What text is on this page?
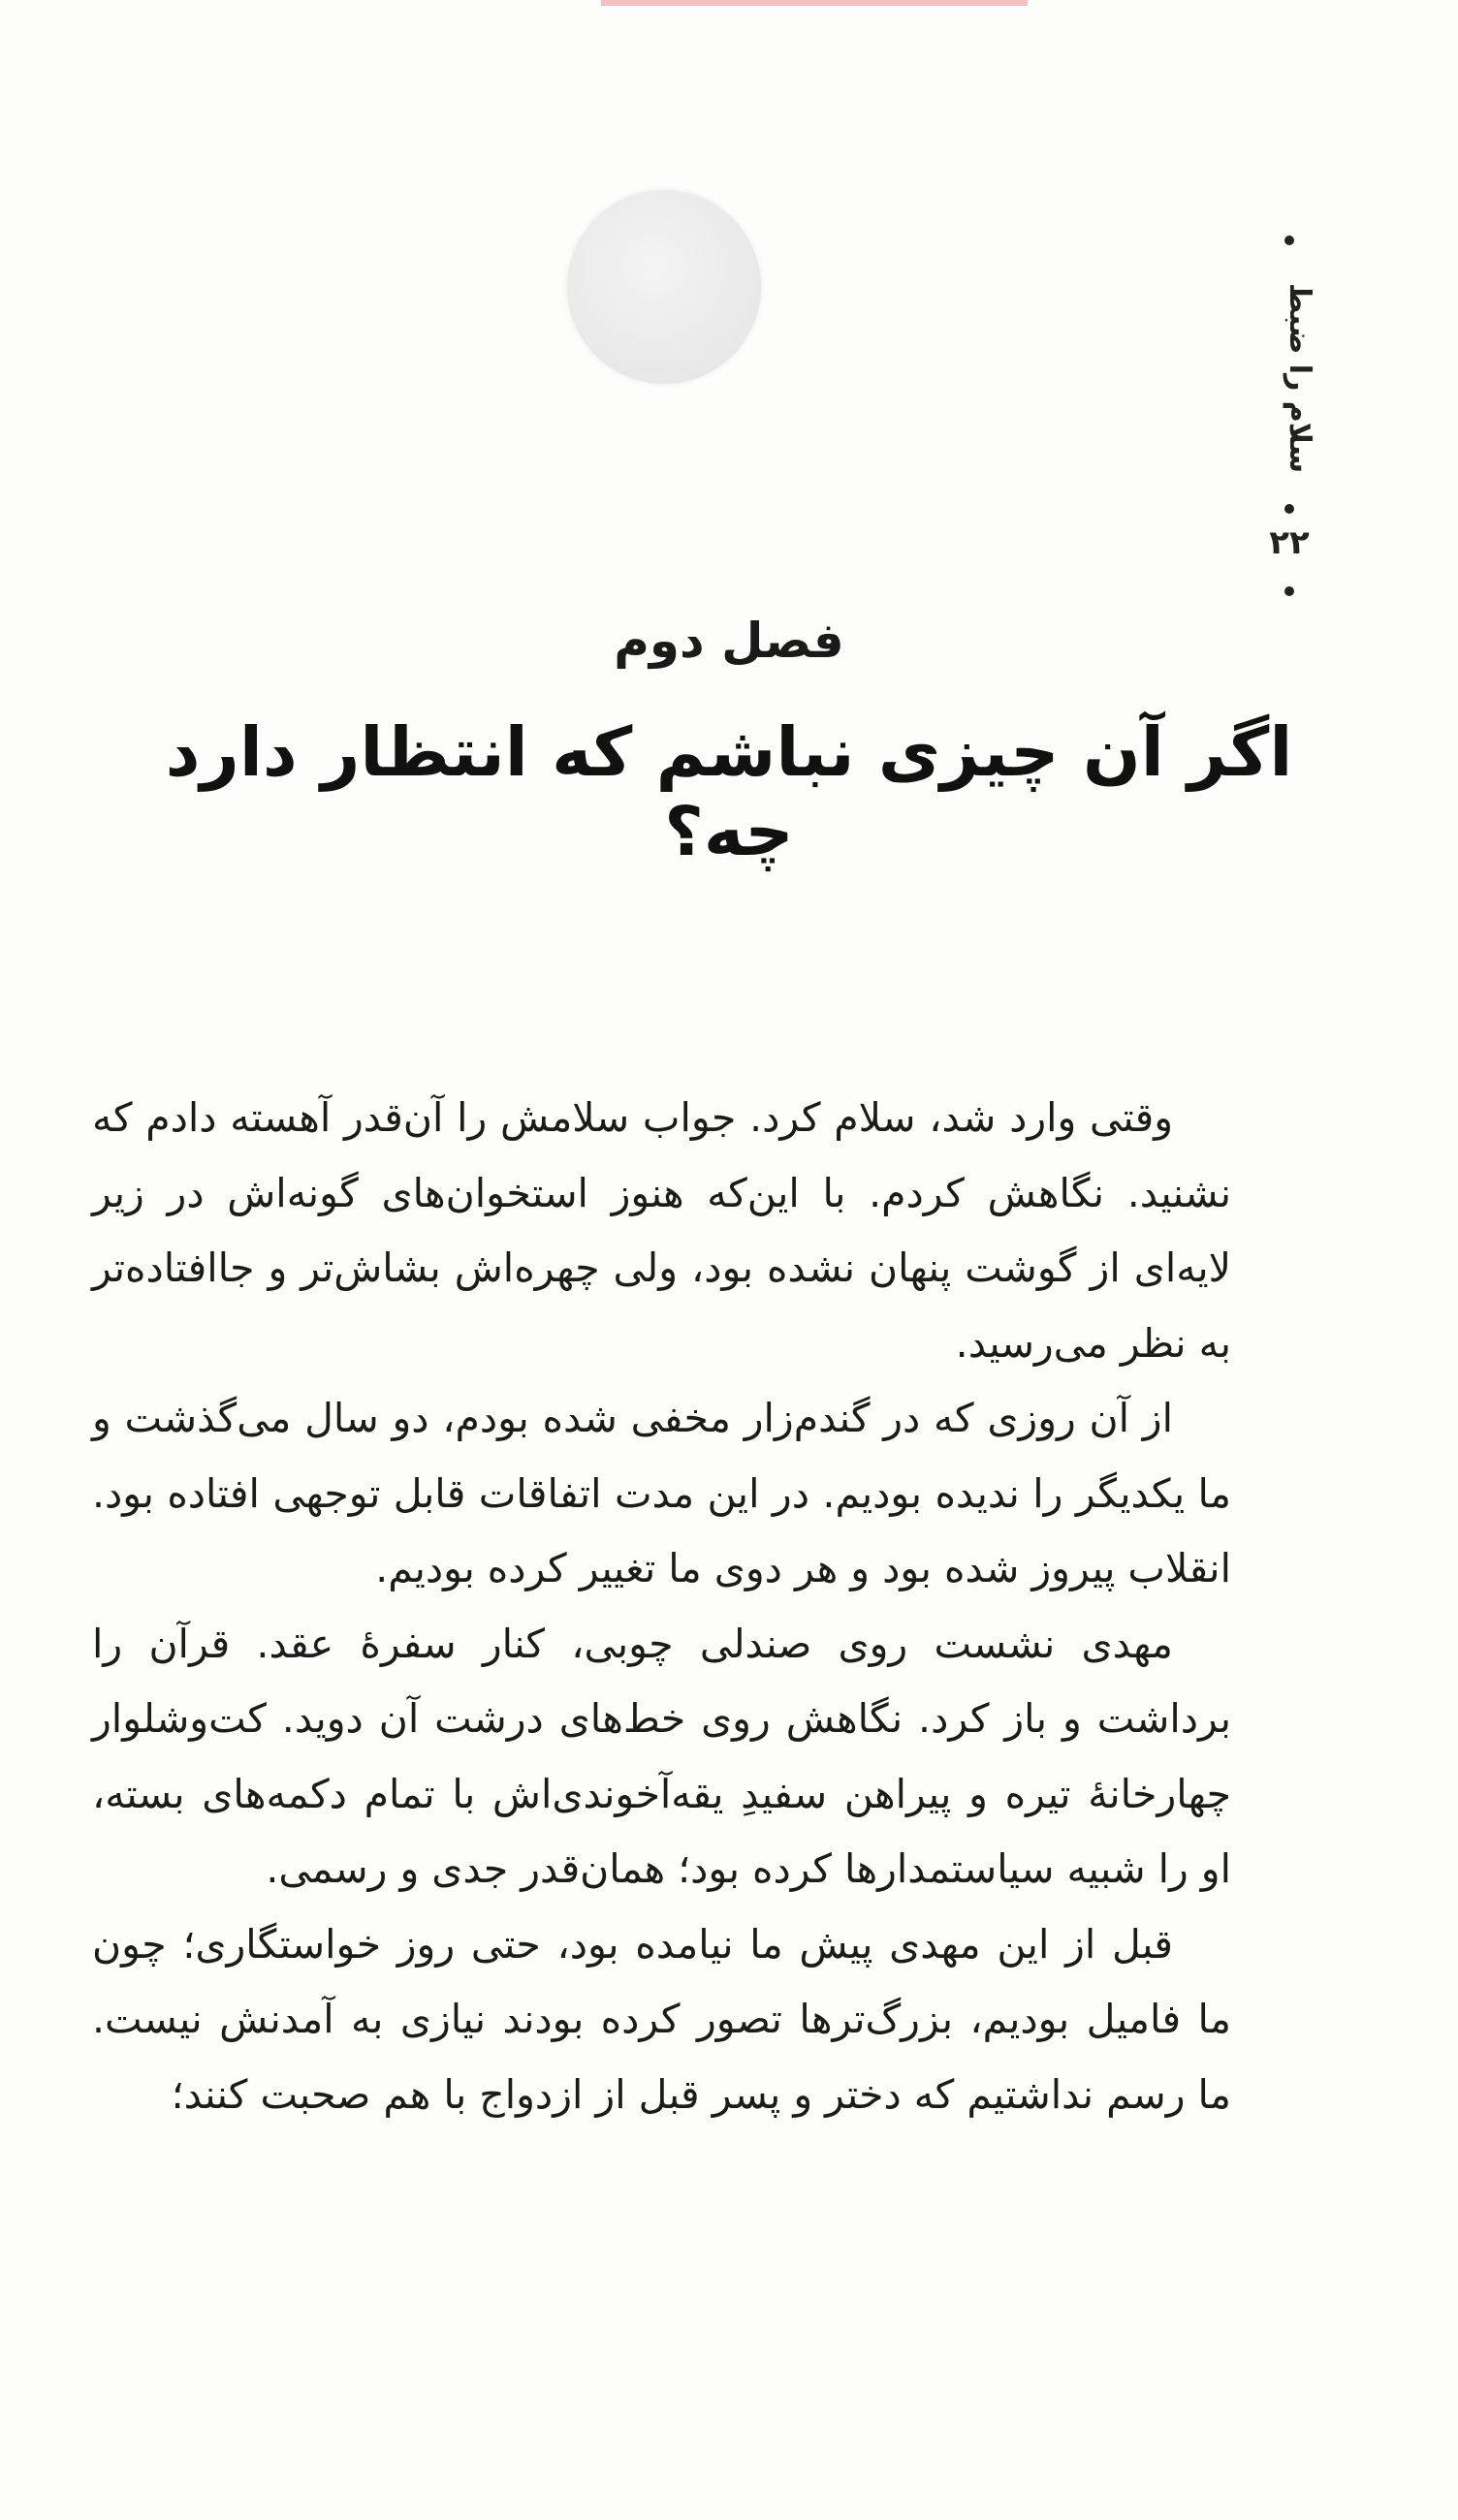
سلام را ضبط
۲۲
فصل دوم
اگر آن چیزی نباشم که انتظار دارد چه؟

وقتی وارد شد، سلام کرد. جواب سلامش را آن‌قدر آهسته دادم که نشنید. نگاهش کردم. با این‌که هنوز استخوان‌های گونه‌اش در زیر لایه‌ای از گوشت پنهان نشده بود، ولی چهره‌اش بشاش‌تر و جاافتاده‌تر به نظر می‌رسید.

از آن روزی که در گندم‌زار مخفی شده بودم، دو سال می‌گذشت و ما یکدیگر را ندیده بودیم. در این مدت اتفاقات قابل توجهی افتاده بود. انقلاب پیروز شده بود و هر دوی ما تغییر کرده بودیم.

مهدی نشست روی صندلی چوبی، کنار سفرهٔ عقد. قرآن را برداشت و باز کرد. نگاهش روی خط‌های درشت آن دوید. کت‌وشلوار چهارخانهٔ تیره و پیراهن سفیدِ یقه‌آخوندی‌اش با تمام دکمه‌های بسته، او را شبیه سیاستمدارها کرده بود؛ همان‌قدر جدی و رسمی.

قبل از این مهدی پیش ما نیامده بود، حتی روز خواستگاری؛ چون ما فامیل بودیم، بزرگ‌ترها تصور کرده بودند نیازی به آمدنش نیست. ما رسم نداشتیم که دختر و پسر قبل از ازدواج با هم صحبت کنند؛
